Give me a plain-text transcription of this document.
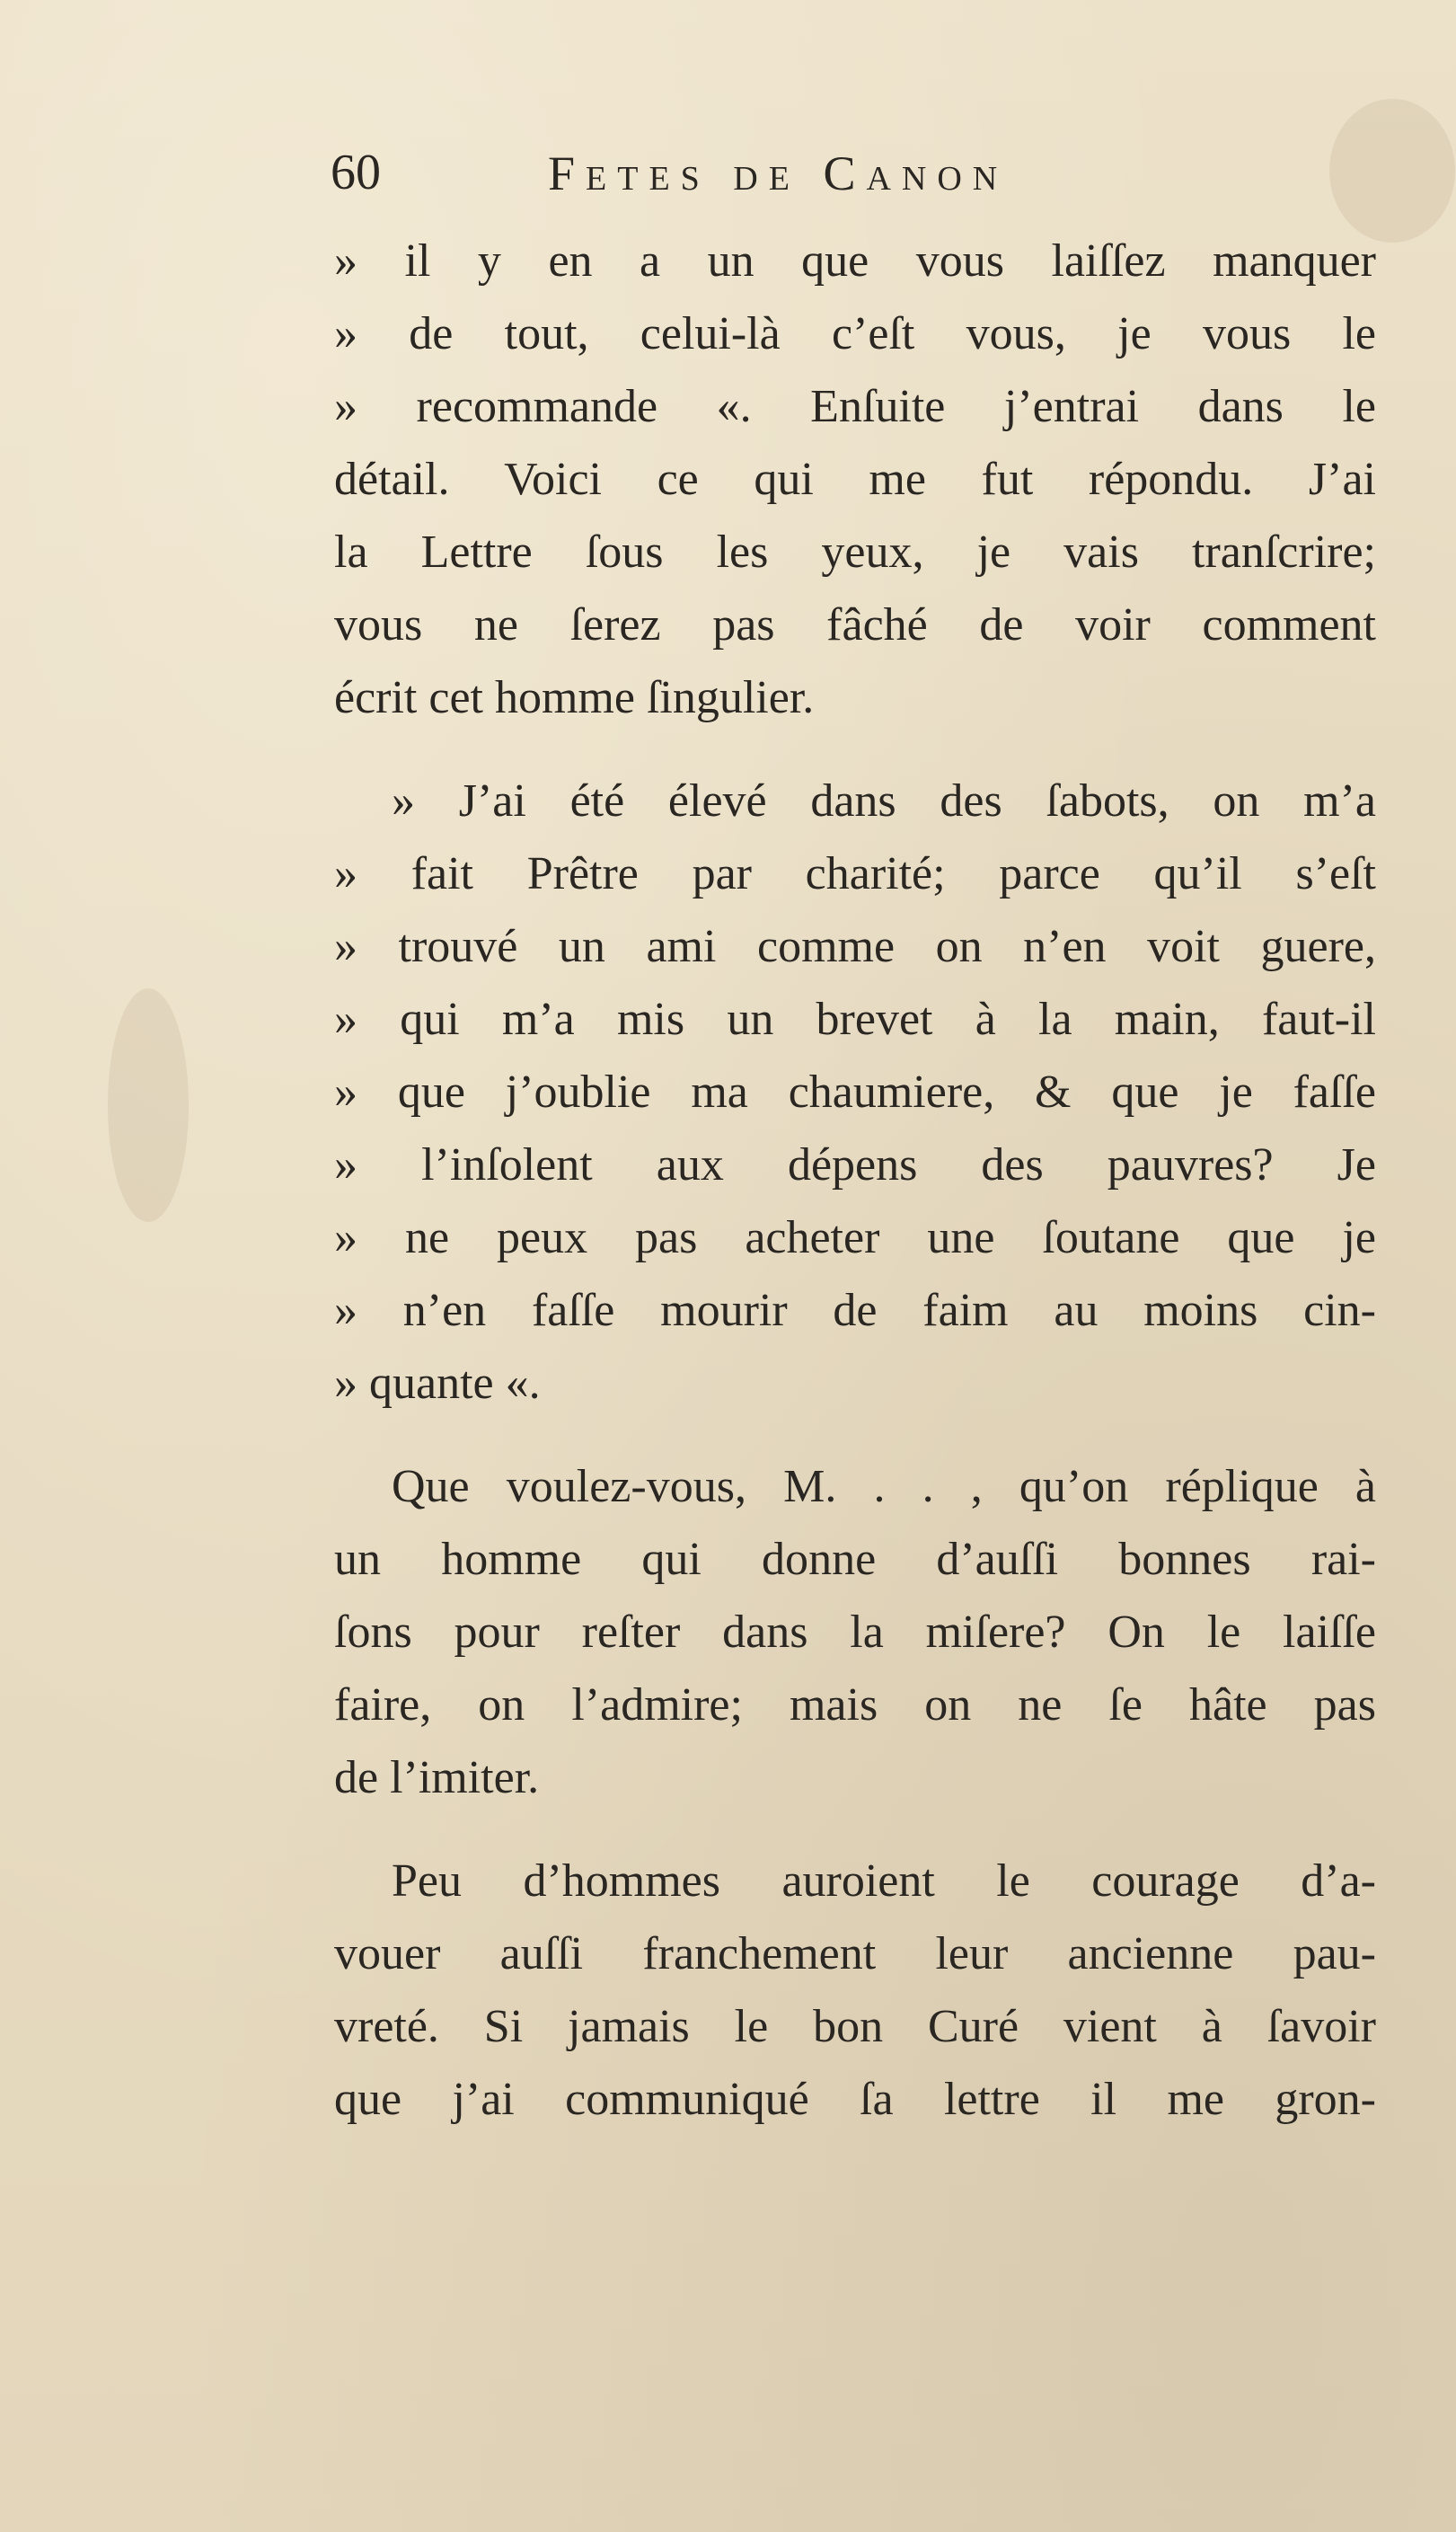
60	Fetes de Canon
» il y en a un que vous laiſſez manquer
» de tout, celui-là c’eſt vous, je vous le
» recommande «. Enſuite j’entrai dans le
détail. Voici ce qui me fut répondu. J’ai
la Lettre ſous les yeux, je vais tranſcrire;
vous ne ſerez pas fâché de voir comment
écrit cet homme ſingulier.
» J’ai été élevé dans des ſabots, on m’a
» fait Prêtre par charité; parce qu’il s’eſt
» trouvé un ami comme on n’en voit guere,
» qui m’a mis un brevet à la main, faut-il
» que j’oublie ma chaumiere, & que je faſſe
» l’inſolent aux dépens des pauvres? Je
» ne peux pas acheter une ſoutane que je
» n’en faſſe mourir de faim au moins cin-
» quante «.
Que voulez-vous, M. . . , qu’on réplique à
un homme qui donne d’auſſi bonnes rai-
ſons pour reſter dans la miſere? On le laiſſe
faire, on l’admire; mais on ne ſe hâte pas
de l’imiter.
Peu d’hommes auroient le courage d’a-
vouer auſſi franchement leur ancienne pau-
vreté. Si jamais le bon Curé vient à ſavoir
que j’ai communiqué ſa lettre il me gron-
